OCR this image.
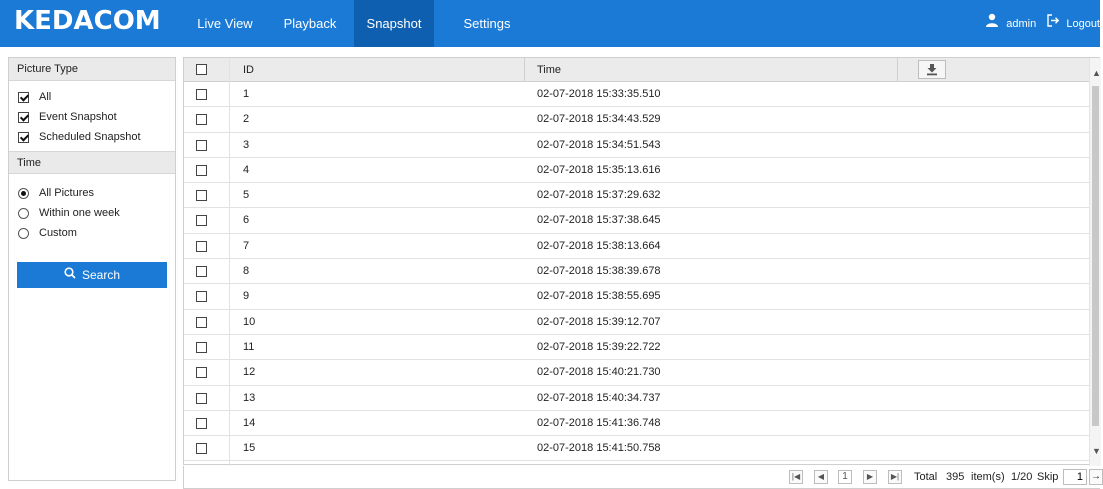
KEDACOM	Live View	Playback	Snapshot	Settings	admin	Logout
Picture Type
All
Event Snapshot
Scheduled Snapshot
Time
All Pictures
Within one week
Custom
Search
ID	Time
1	02-07-2018 15:33:35.510
2	02-07-2018 15:34:43.529
3	02-07-2018 15:34:51.543
4	02-07-2018 15:35:13.616
5	02-07-2018 15:37:29.632
6	02-07-2018 15:37:38.645
7	02-07-2018 15:38:13.664
8	02-07-2018 15:38:39.678
9	02-07-2018 15:38:55.695
10	02-07-2018 15:39:12.707
11	02-07-2018 15:39:22.722
12	02-07-2018 15:40:21.730
13	02-07-2018 15:40:34.737
14	02-07-2018 15:41:36.748
15	02-07-2018 15:41:50.758
▲
▼
|◀	◀	1	▶	▶| Total 395 item(s) 1/20 Skip
1	→
